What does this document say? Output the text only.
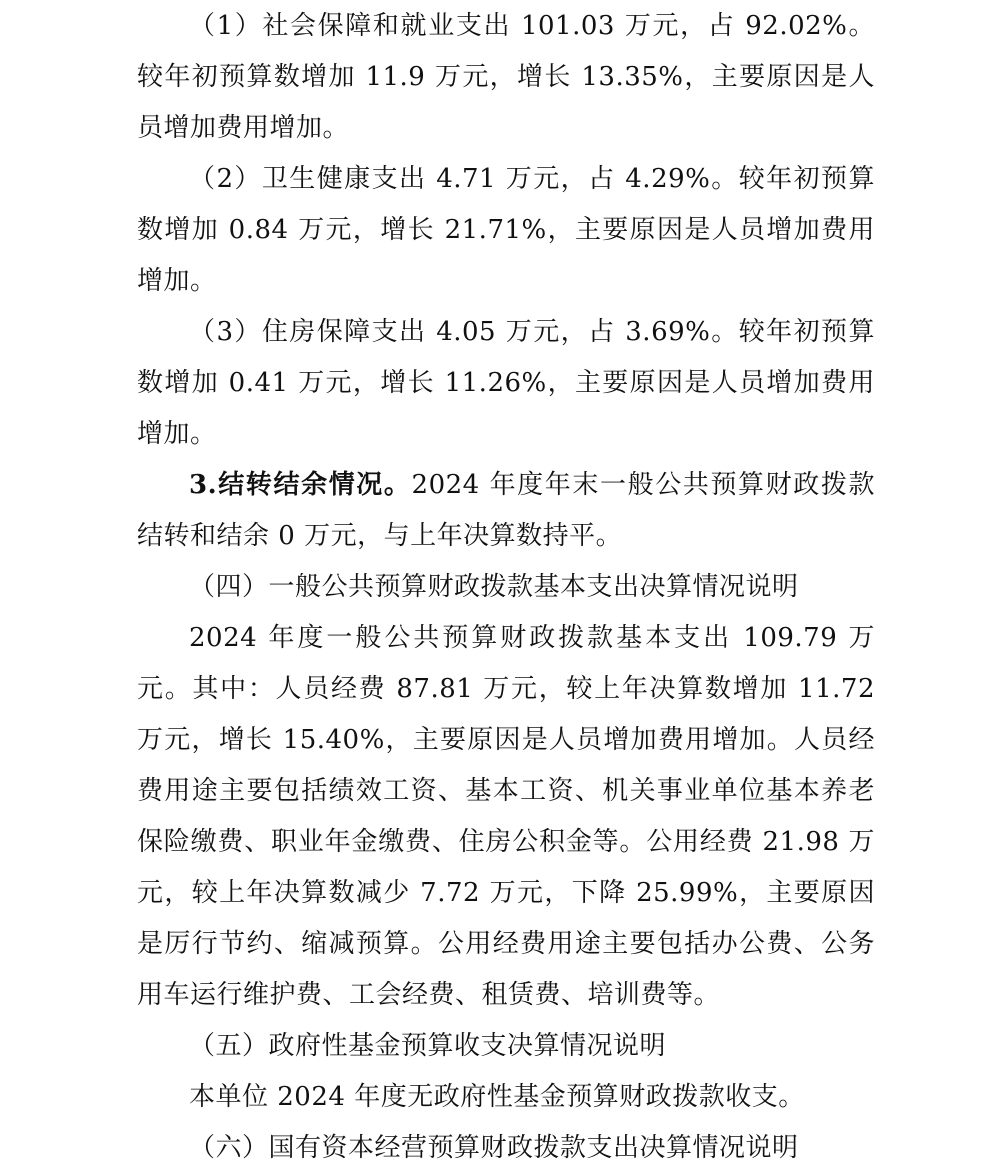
（1）社会保障和就业支出 101.03 万元，占 92.02%。较年初预算数增加 11.9 万元，增长 13.35%，主要原因是人员增加费用增加。

（2）卫生健康支出 4.71 万元，占 4.29%。较年初预算数增加 0.84 万元，增长 21.71%，主要原因是人员增加费用增加。

（3）住房保障支出 4.05 万元，占 3.69%。较年初预算数增加 0.41 万元，增长 11.26%，主要原因是人员增加费用增加。

3.结转结余情况。2024 年度年末一般公共预算财政拨款结转和结余 0 万元，与上年决算数持平。

（四）一般公共预算财政拨款基本支出决算情况说明

2024 年度一般公共预算财政拨款基本支出 109.79 万元。其中：人员经费 87.81 万元，较上年决算数增加 11.72 万元，增长 15.40%，主要原因是人员增加费用增加。人员经费用途主要包括绩效工资、基本工资、机关事业单位基本养老保险缴费、职业年金缴费、住房公积金等。公用经费 21.98 万元，较上年决算数减少 7.72 万元，下降 25.99%，主要原因是厉行节约、缩减预算。公用经费用途主要包括办公费、公务用车运行维护费、工会经费、租赁费、培训费等。

（五）政府性基金预算收支决算情况说明

本单位 2024 年度无政府性基金预算财政拨款收支。

（六）国有资本经营预算财政拨款支出决算情况说明
